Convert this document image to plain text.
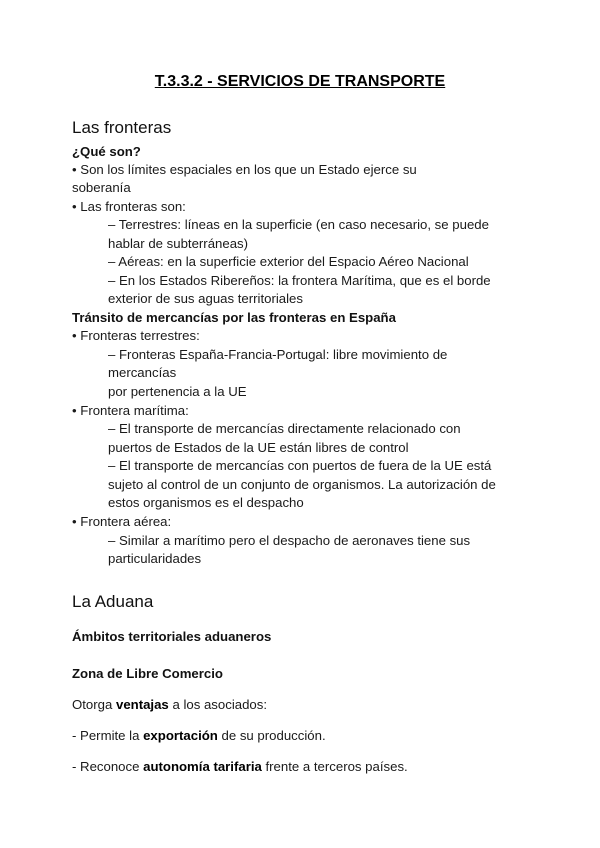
T.3.3.2 - SERVICIOS DE TRANSPORTE
Las fronteras
¿Qué son?
• Son los límites espaciales en los que un Estado ejerce su
soberanía
• Las fronteras son:
– Terrestres: líneas en la superficie (en caso necesario, se puede
hablar de subterráneas)
– Aéreas: en la superficie exterior del Espacio Aéreo Nacional
– En los Estados Ribereños: la frontera Marítima, que es el borde
exterior de sus aguas territoriales
Tránsito de mercancías por las fronteras en España
• Fronteras terrestres:
– Fronteras España-Francia-Portugal: libre movimiento de
mercancías
por pertenencia a la UE
• Frontera marítima:
– El transporte de mercancías directamente relacionado con
puertos de Estados de la UE están libres de control
– El transporte de mercancías con puertos de fuera de la UE está
sujeto al control de un conjunto de organismos. La autorización de
estos organismos es el despacho
• Frontera aérea:
– Similar a marítimo pero el despacho de aeronaves tiene sus
particularidades
La Aduana
Ámbitos territoriales aduaneros
Zona de Libre Comercio
Otorga ventajas a los asociados:
- Permite la exportación de su producción.
- Reconoce autonomía tarifaria frente a terceros países.
